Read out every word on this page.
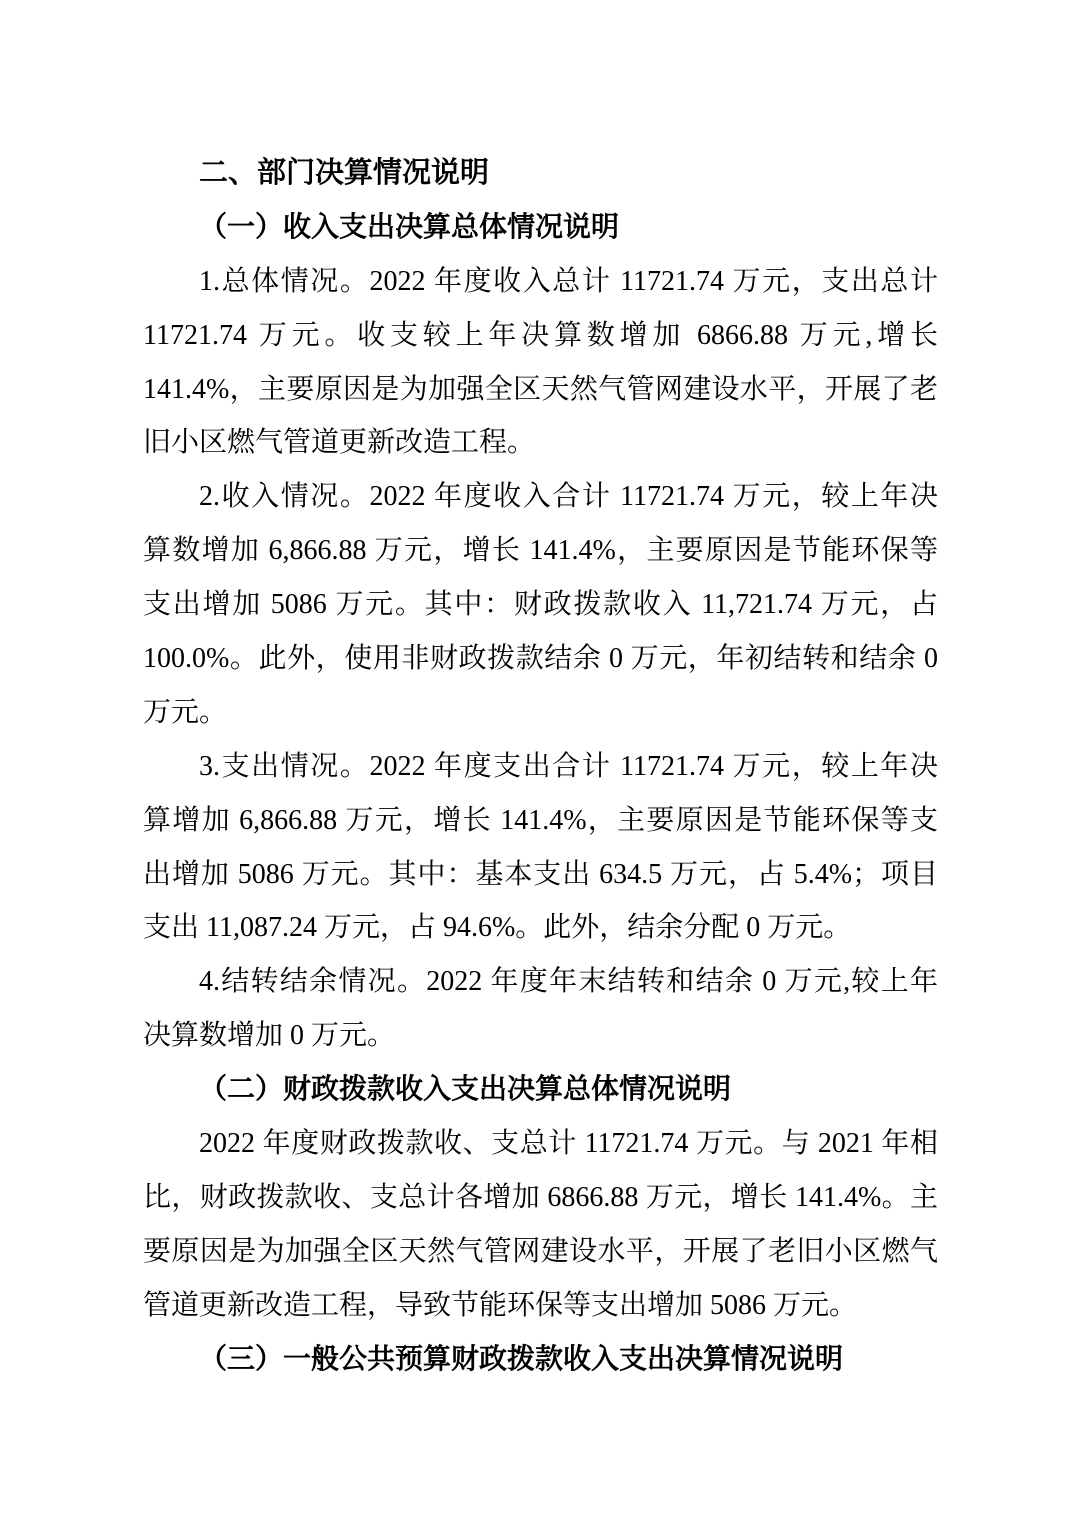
二、部门决算情况说明
（一）收入支出决算总体情况说明
1.总体情况。2022 年度收入总计 11721.74 万元，支出总计
11721.74 万元。收支较上年决算数增加 6866.88 万元,增长
141.4%，主要原因是为加强全区天然气管网建设水平，开展了老
旧小区燃气管道更新改造工程。
2.收入情况。2022 年度收入合计 11721.74 万元，较上年决
算数增加 6,866.88 万元，增长 141.4%，主要原因是节能环保等
支出增加 5086 万元。其中：财政拨款收入 11,721.74 万元，占
100.0%。此外，使用非财政拨款结余 0 万元，年初结转和结余 0
万元。
3.支出情况。2022 年度支出合计 11721.74 万元，较上年决
算增加 6,866.88 万元，增长 141.4%，主要原因是节能环保等支
出增加 5086 万元。其中：基本支出 634.5 万元，占 5.4%；项目
支出 11,087.24 万元，占 94.6%。此外，结余分配 0 万元。
4.结转结余情况。2022 年度年末结转和结余 0 万元,较上年
决算数增加 0 万元。
（二）财政拨款收入支出决算总体情况说明
2022 年度财政拨款收、支总计 11721.74 万元。与 2021 年相
比，财政拨款收、支总计各增加 6866.88 万元，增长 141.4%。主
要原因是为加强全区天然气管网建设水平，开展了老旧小区燃气
管道更新改造工程，导致节能环保等支出增加 5086 万元。
（三）一般公共预算财政拨款收入支出决算情况说明
